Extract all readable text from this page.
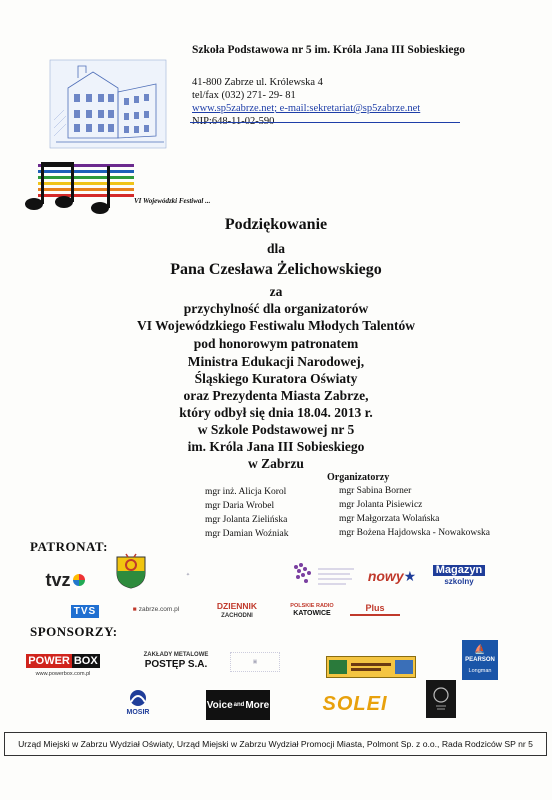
Szkoła Podstawowa nr 5 im. Króla Jana III Sobieskiego
41-800 Zabrze ul. Królewska 4
tel/fax (032) 271- 29- 81
www.sp5zabrze.net; e-mail:sekretariat@sp5zabrze.net
NIP:648-11-02-590
VI Wojewódzki Festiwal ...
Podziękowanie
dla
Pana Czesława Żelichowskiego
za
przychylność dla organizatorów
VI Wojewódzkiego Festiwalu Młodych Talentów
pod honorowym patronatem
Ministra Edukacji Narodowej,
Śląskiego Kuratora Oświaty
oraz Prezydenta Miasta Zabrze,
który odbył się dnia 18.04. 2013 r.
w Szkole Podstawowej nr 5
im. Króla Jana III Sobieskiego
w Zabrzu
Organizatorzy
mgr inż. Alicja Korol
mgr Daria Wrobel
mgr Jolanta Zielińska
mgr Damian Woźniak
mgr Sabina Borner
mgr Jolanta Pisiewicz
mgr Małgorzata Wolańska
mgr Bożena Hajdowska - Nowakowska
PATRONAT:
tvz	✦	nowy ★ Magazyn
szkolny
TVS	■ zabrze.com.pl	DZIENNIK
ZACHODNI
POLSKIE RADIO
KATOWICE
Plus
SPONSORZY:
POWER BOX
www.powerbox.com.pl
ZAKŁADY METALOWE
POSTĘP S.A.	▣
⛵
PEARSON
Longman
MOSIR
Voice and More	SOLEI
Urząd Miejski w Zabrzu Wydział Oświaty, Urząd Miejski w Zabrzu Wydział Promocji Miasta, Polmont Sp. z o.o., Rada Rodziców SP nr 5
